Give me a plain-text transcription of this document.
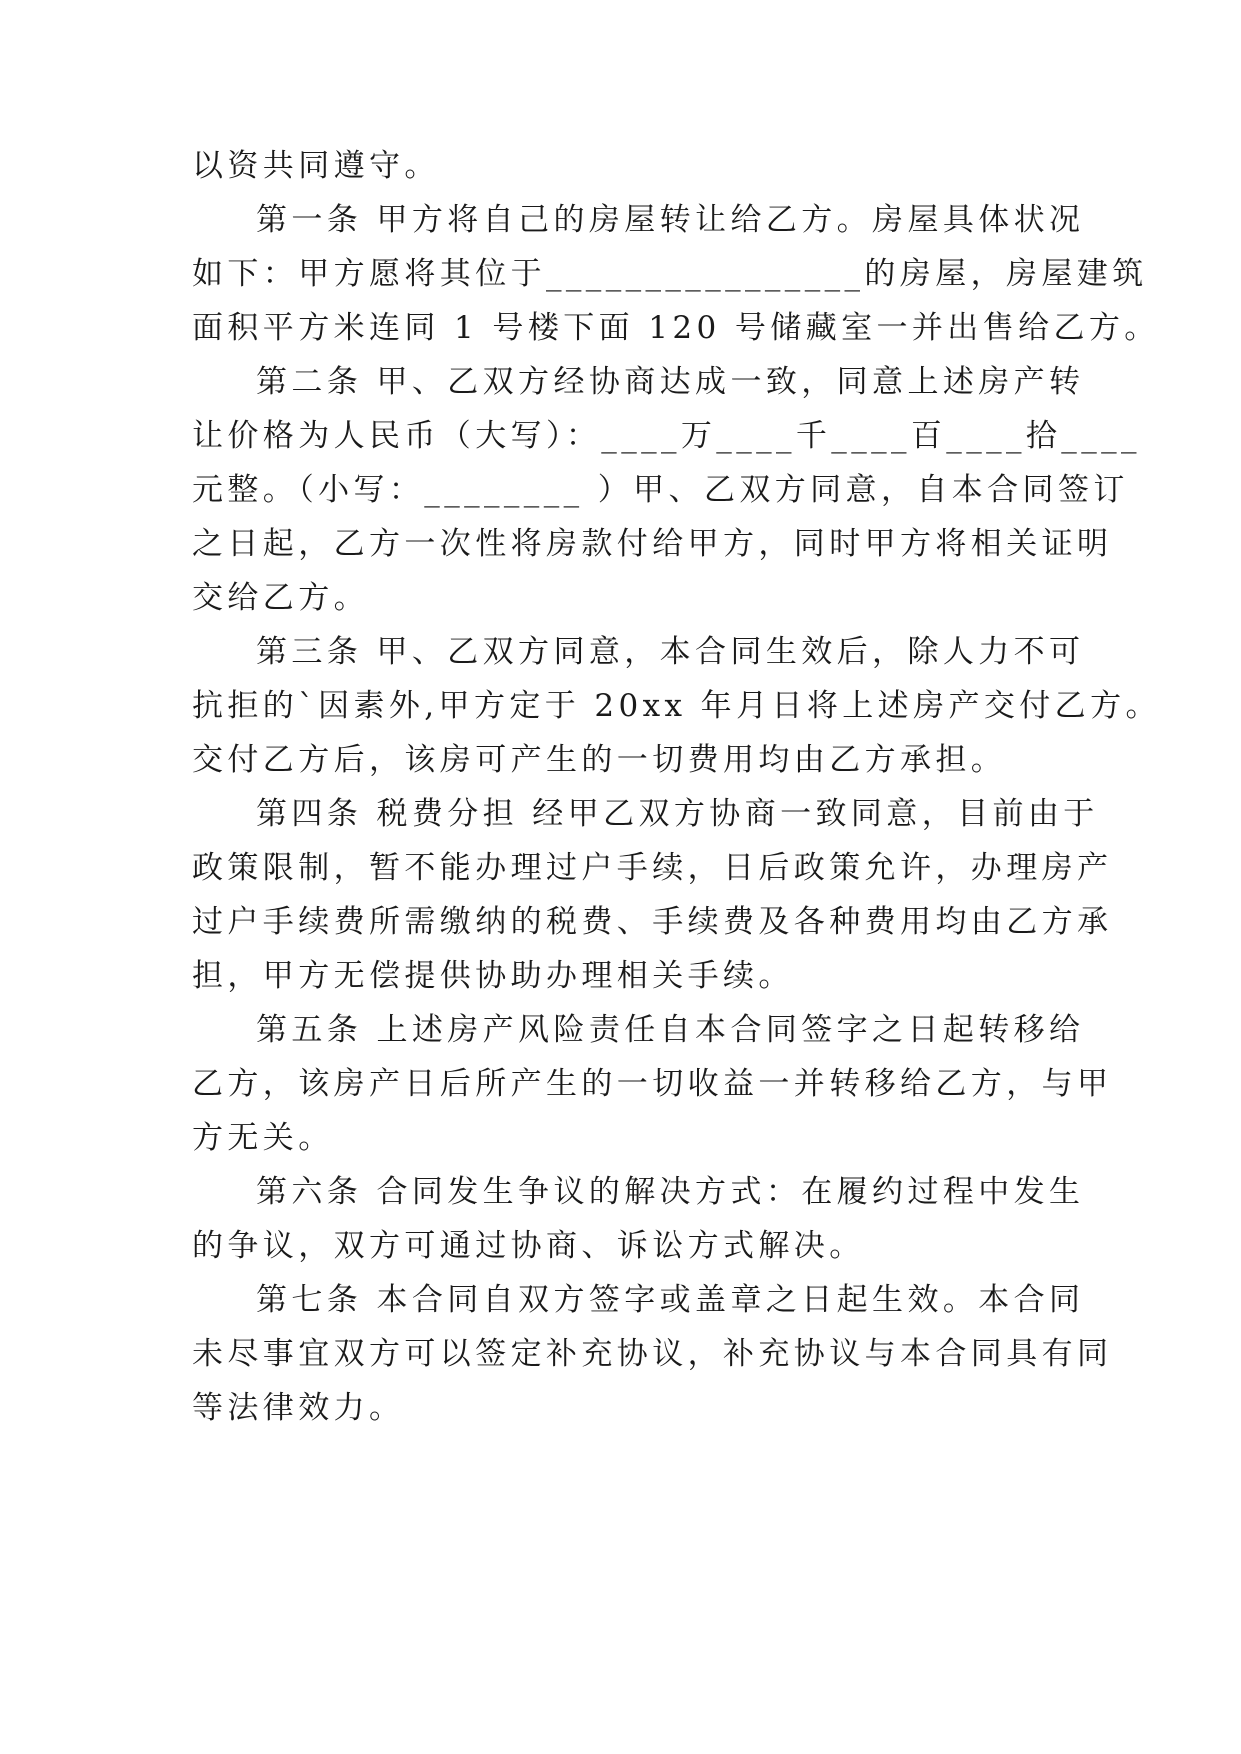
以资共同遵守。

第一条 甲方将自己的房屋转让给乙方。房屋具体状况

如下：甲方愿将其位于________________的房屋，房屋建筑

面积平方米连同 1 号楼下面 120 号储藏室一并出售给乙方。

第二条 甲、乙双方经协商达成一致，同意上述房产转

让价格为人民币（大写）：____万____千____百____拾____

元整。（小写：________ ）甲、乙双方同意，自本合同签订

之日起，乙方一次性将房款付给甲方，同时甲方将相关证明

交给乙方。

第三条 甲、乙双方同意，本合同生效后，除人力不可

抗拒的`因素外,甲方定于 20xx 年月日将上述房产交付乙方。

交付乙方后，该房可产生的一切费用均由乙方承担。

第四条 税费分担 经甲乙双方协商一致同意，目前由于

政策限制，暂不能办理过户手续，日后政策允许，办理房产

过户手续费所需缴纳的税费、手续费及各种费用均由乙方承

担，甲方无偿提供协助办理相关手续。

第五条 上述房产风险责任自本合同签字之日起转移给

乙方，该房产日后所产生的一切收益一并转移给乙方，与甲

方无关。

第六条 合同发生争议的解决方式：在履约过程中发生

的争议，双方可通过协商、诉讼方式解决。

第七条 本合同自双方签字或盖章之日起生效。本合同

未尽事宜双方可以签定补充协议，补充协议与本合同具有同

等法律效力。
